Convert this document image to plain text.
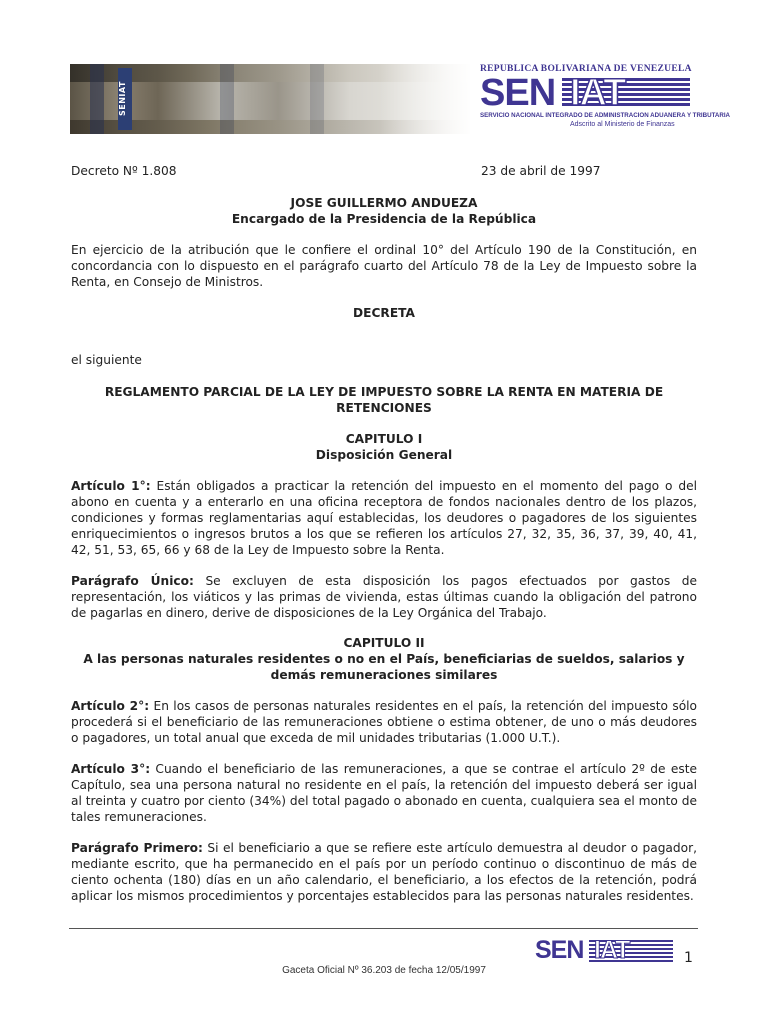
SENIAT
REPUBLICA BOLIVARIANA DE VENEZUELA
SEN IAT
SERVICIO NACIONAL INTEGRADO DE ADMINISTRACION ADUANERA Y TRIBUTARIA
Adscrito al Ministerio de Finanzas
Decreto Nº 1.808	23 de abril de 1997
JOSE GUILLERMO ANDUEZA
Encargado de la Presidencia de la República

En ejercicio de la atribución que le confiere el ordinal 10° del Artículo 190 de la Constitución, en concordancia con lo dispuesto en el parágrafo cuarto del Artículo 78 de la Ley de Impuesto sobre la Renta, en Consejo de Ministros.

DECRETA
el siguiente
REGLAMENTO PARCIAL DE LA LEY DE IMPUESTO SOBRE LA RENTA EN MATERIA DE RETENCIONES
CAPITULO I
Disposición General

Artículo 1°: Están obligados a practicar la retención del impuesto en el momento del pago o del abono en cuenta y a enterarlo en una oficina receptora de fondos nacionales dentro de los plazos, condiciones y formas reglamentarias aquí establecidas, los deudores o pagadores de los siguientes enriquecimientos o ingresos brutos a los que se refieren los artículos 27, 32, 35, 36, 37, 39, 40, 41, 42, 51, 53, 65, 66 y 68 de la Ley de Impuesto sobre la Renta.

Parágrafo Único: Se excluyen de esta disposición los pagos efectuados por gastos de representación, los viáticos y las primas de vivienda, estas últimas cuando la obligación del patrono de pagarlas en dinero, derive de disposiciones de la Ley Orgánica del Trabajo.

CAPITULO II
A las personas naturales residentes o no en el País, beneficiarias de sueldos, salarios y demás remuneraciones similares

Artículo 2°: En los casos de personas naturales residentes en el país, la retención del impuesto sólo procederá si el beneficiario de las remuneraciones obtiene o estima obtener, de uno o más deudores o pagadores, un total anual que exceda de mil unidades tributarias (1.000 U.T.).

Artículo 3°: Cuando el beneficiario de las remuneraciones, a que se contrae el artículo 2º de este Capítulo, sea una persona natural no residente en el país, la retención del impuesto deberá ser igual al treinta y cuatro por ciento (34%) del total pagado o abonado en cuenta, cualquiera sea el monto de tales remuneraciones.

Parágrafo Primero: Si el beneficiario a que se refiere este artículo demuestra al deudor o pagador, mediante escrito, que ha permanecido en el país por un período continuo o discontinuo de más de ciento ochenta (180) días en un año calendario, el beneficiario, a los efectos de la retención, podrá aplicar los mismos procedimientos y porcentajes establecidos para las personas naturales residentes.

SEN IAT	1
Gaceta Oficial Nº 36.203 de fecha 12/05/1997
